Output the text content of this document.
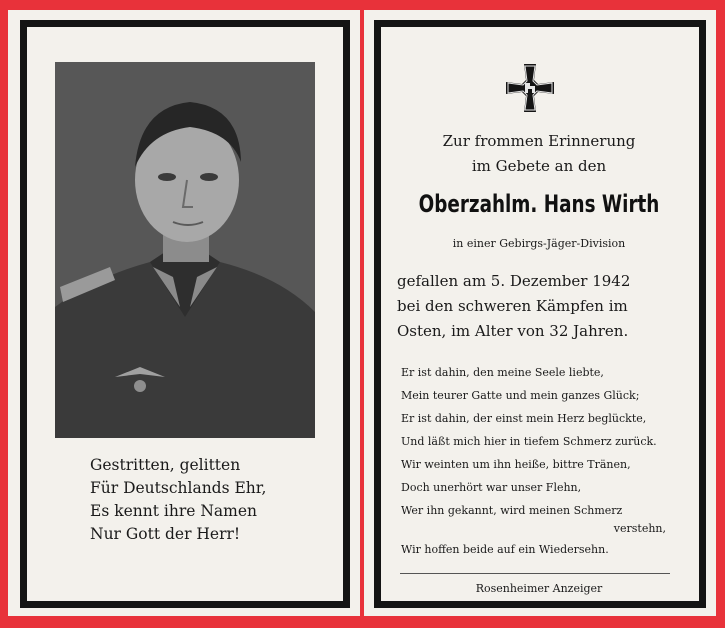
Gestritten, gelitten
Für Deutschlands Ehr,
Es kennt ihre Namen
Nur Gott der Herr!
Zur frommen Erinnerung
im Gebete an den
Oberzahlm. Hans Wirth
in einer Gebirgs-Jäger-Division
gefallen am 5. Dezember 1942
bei den schweren Kämpfen im
Osten, im Alter von 32 Jahren.
Er ist dahin, den meine Seele liebte,
Mein teurer Gatte und mein ganzes Glück;
Er ist dahin, der einst mein Herz beglückte,
Und läßt mich hier in tiefem Schmerz zurück.
Wir weinten um ihn heiße, bittre Tränen,
Doch unerhört war unser Flehn,
Wer ihn gekannt, wird meinen Schmerz
verstehn,
Wir hoffen beide auf ein Wiedersehn.
Rosenheimer Anzeiger
